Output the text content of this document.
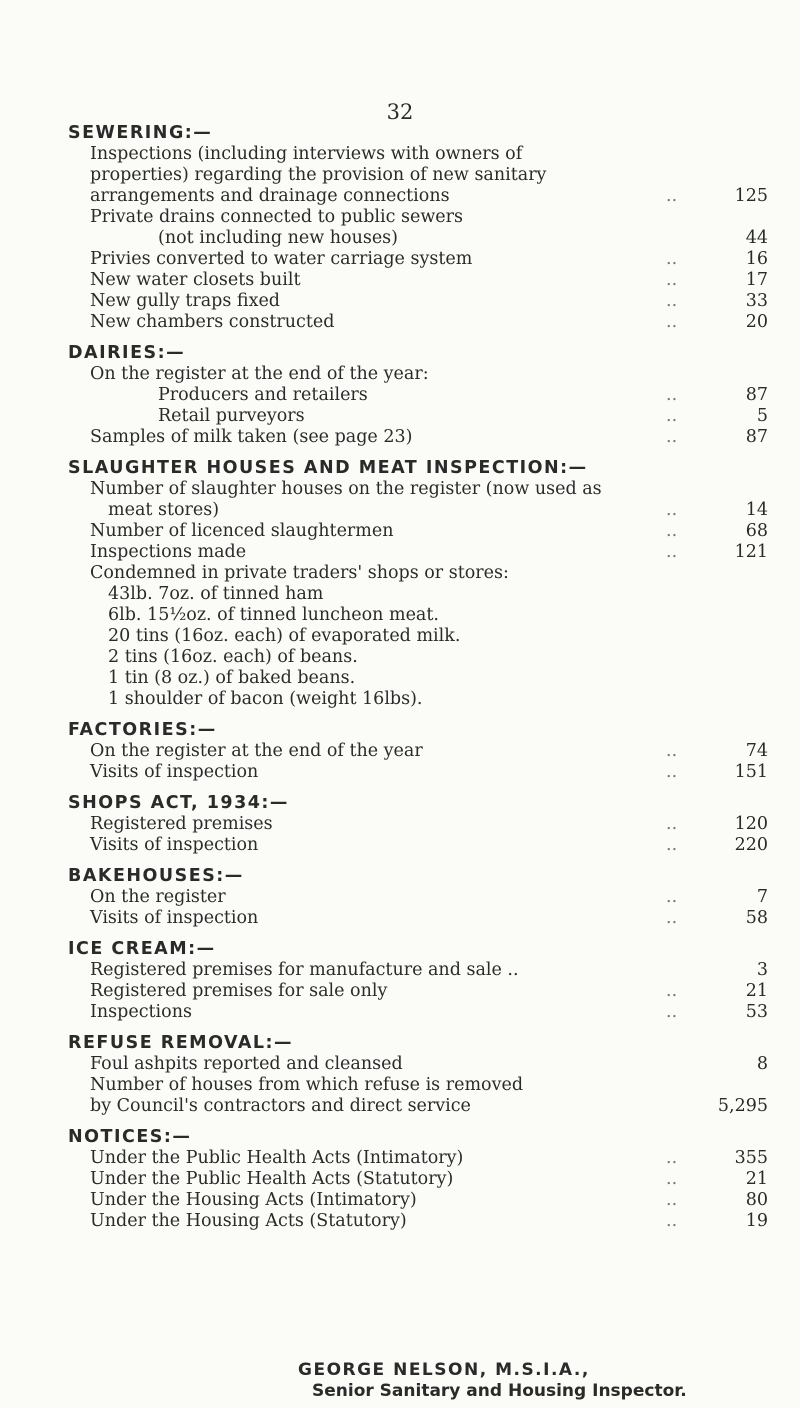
32
SEWERING:—
Inspections (including interviews with owners of
properties) regarding the provision of new sanitary
arrangements and drainage connections	..	125
Private drains connected to public sewers
(not including new houses)	44
Privies converted to water carriage system	..	16
New water closets built	..	17
New gully traps fixed	..	33
New chambers constructed	..	20
DAIRIES:—
On the register at the end of the year:
Producers and retailers	..	87
Retail purveyors	..	5
Samples of milk taken (see page 23)	..	87
SLAUGHTER HOUSES AND MEAT INSPECTION:—
Number of slaughter houses on the register (now used as
meat stores)	..	14
Number of licenced slaughtermen	..	68
Inspections made	..	121
Condemned in private traders' shops or stores:
43lb. 7oz. of tinned ham
6lb. 15½oz. of tinned luncheon meat.
20 tins (16oz. each) of evaporated milk.
2 tins (16oz. each) of beans.
1 tin (8 oz.) of baked beans.
1 shoulder of bacon (weight 16lbs).
FACTORIES:—
On the register at the end of the year	..	74
Visits of inspection	..	151
SHOPS ACT, 1934:—
Registered premises	..	120
Visits of inspection	..	220
BAKEHOUSES:—
On the register	..	7
Visits of inspection	..	58
ICE CREAM:—
Registered premises for manufacture and sale ..	3
Registered premises for sale only	..	21
Inspections	..	53
REFUSE REMOVAL:—
Foul ashpits reported and cleansed	8
Number of houses from which refuse is removed
by Council's contractors and direct service	5,295
NOTICES:—
Under the Public Health Acts (Intimatory)	..	355
Under the Public Health Acts (Statutory)	..	21
Under the Housing Acts (Intimatory)	..	80
Under the Housing Acts (Statutory)	..	19
GEORGE NELSON, M.S.I.A.,
Senior Sanitary and Housing Inspector.
